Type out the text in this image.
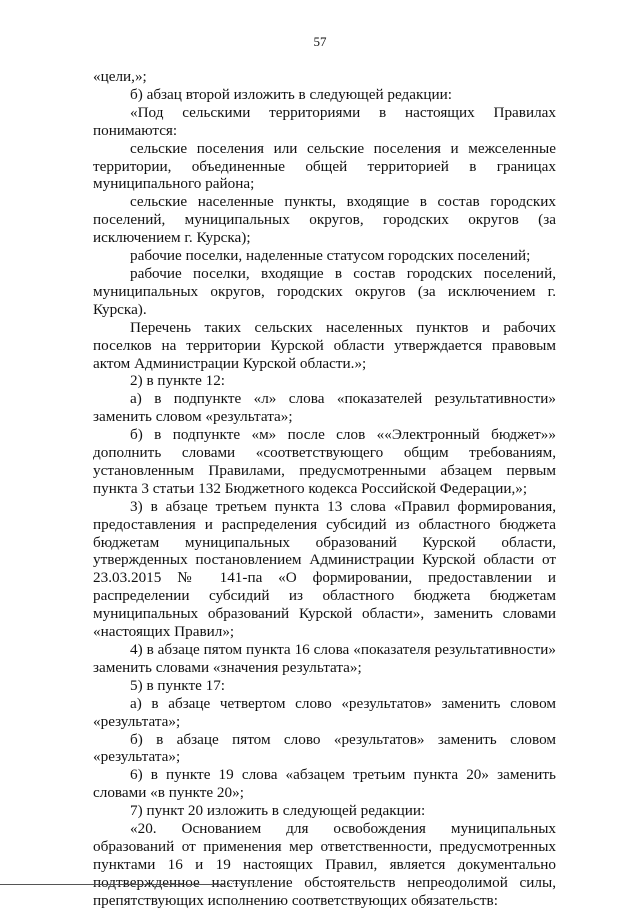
57

«цели,»;

б) абзац второй изложить в следующей редакции:

«Под сельскими территориями в настоящих Правилах понимаются:

сельские поселения или сельские поселения и межселенные территории, объединенные общей территорией в границах муниципального района;

сельские населенные пункты, входящие в состав городских поселений, муниципальных округов, городских округов (за исключением г. Курска);

рабочие поселки, наделенные статусом городских поселений;

рабочие поселки, входящие в состав городских поселений, муниципальных округов, городских округов (за исключением г. Курска).

Перечень таких сельских населенных пунктов и рабочих поселков на территории Курской области утверждается правовым актом Администрации Курской области.»;

2) в пункте 12:

а) в подпункте «л» слова «показателей результативности» заменить словом «результата»;

б) в подпункте «м» после слов ««Электронный бюджет»» дополнить словами «соответствующего общим требованиям, установленным Правилами, предусмотренными абзацем первым пункта 3 статьи 132 Бюджетного кодекса Российской Федерации,»;

3) в абзаце третьем пункта 13 слова «Правил формирования, предоставления и распределения субсидий из областного бюджета бюджетам муниципальных образований Курской области, утвержденных постановлением Администрации Курской области от 23.03.2015 № 141-па «О формировании, предоставлении и распределении субсидий из областного бюджета бюджетам муниципальных образований Курской области», заменить словами «настоящих Правил»;

4) в абзаце пятом пункта 16 слова «показателя результативности» заменить словами «значения результата»;

5) в пункте 17:

а) в абзаце четвертом слово «результатов» заменить словом «результата»;

б) в абзаце пятом слово «результатов» заменить словом «результата»;

6) в пункте 19 слова «абзацем третьим пункта 20» заменить словами «в пункте 20»;

7) пункт 20 изложить в следующей редакции:

«20. Основанием для освобождения муниципальных образований от применения мер ответственности, предусмотренных пунктами 16 и 19 настоящих Правил, является документально подтвержденное наступление обстоятельств непреодолимой силы, препятствующих исполнению соответствующих обязательств:
